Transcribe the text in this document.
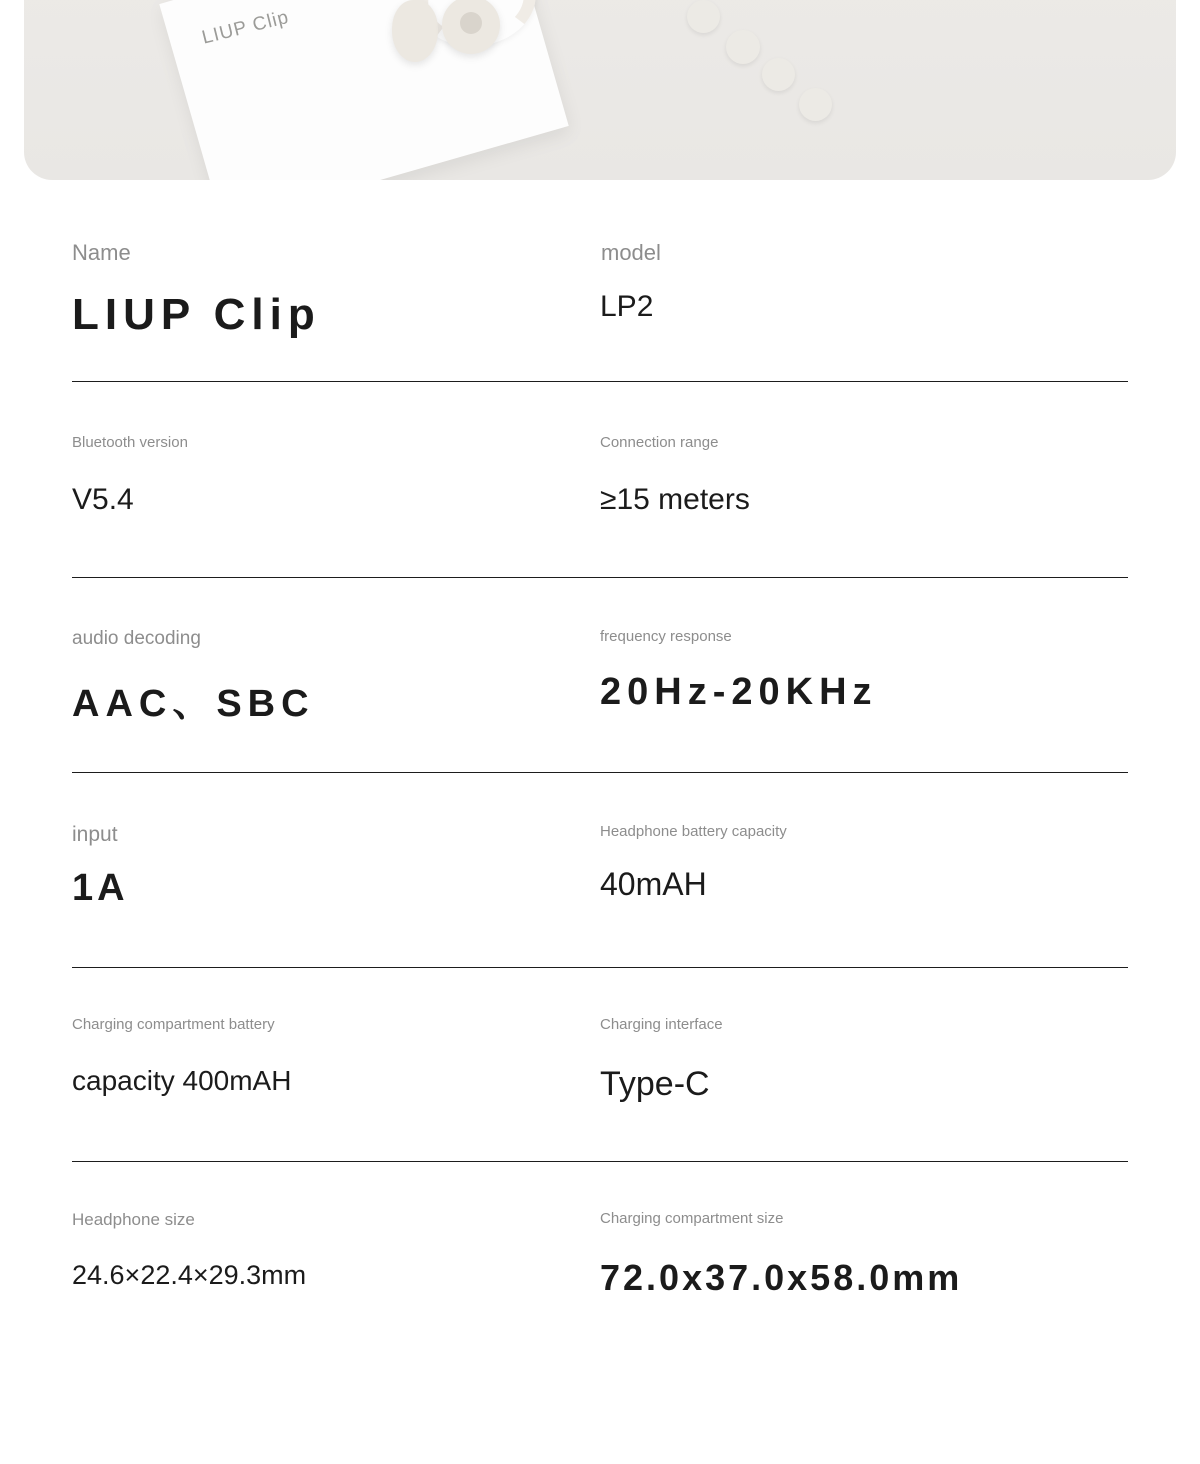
LIUP Clip
Name
LIUP Clip
model
LP2
Bluetooth version
V5.4
Connection range
≥15 meters
audio decoding
AAC、SBC
frequency response
20Hz-20KHz
input
1A
Headphone battery capacity
40mAH
Charging compartment battery
capacity 400mAH
Charging interface
Type-C
Headphone size
24.6×22.4×29.3mm
Charging compartment size
72.0x37.0x58.0mm
